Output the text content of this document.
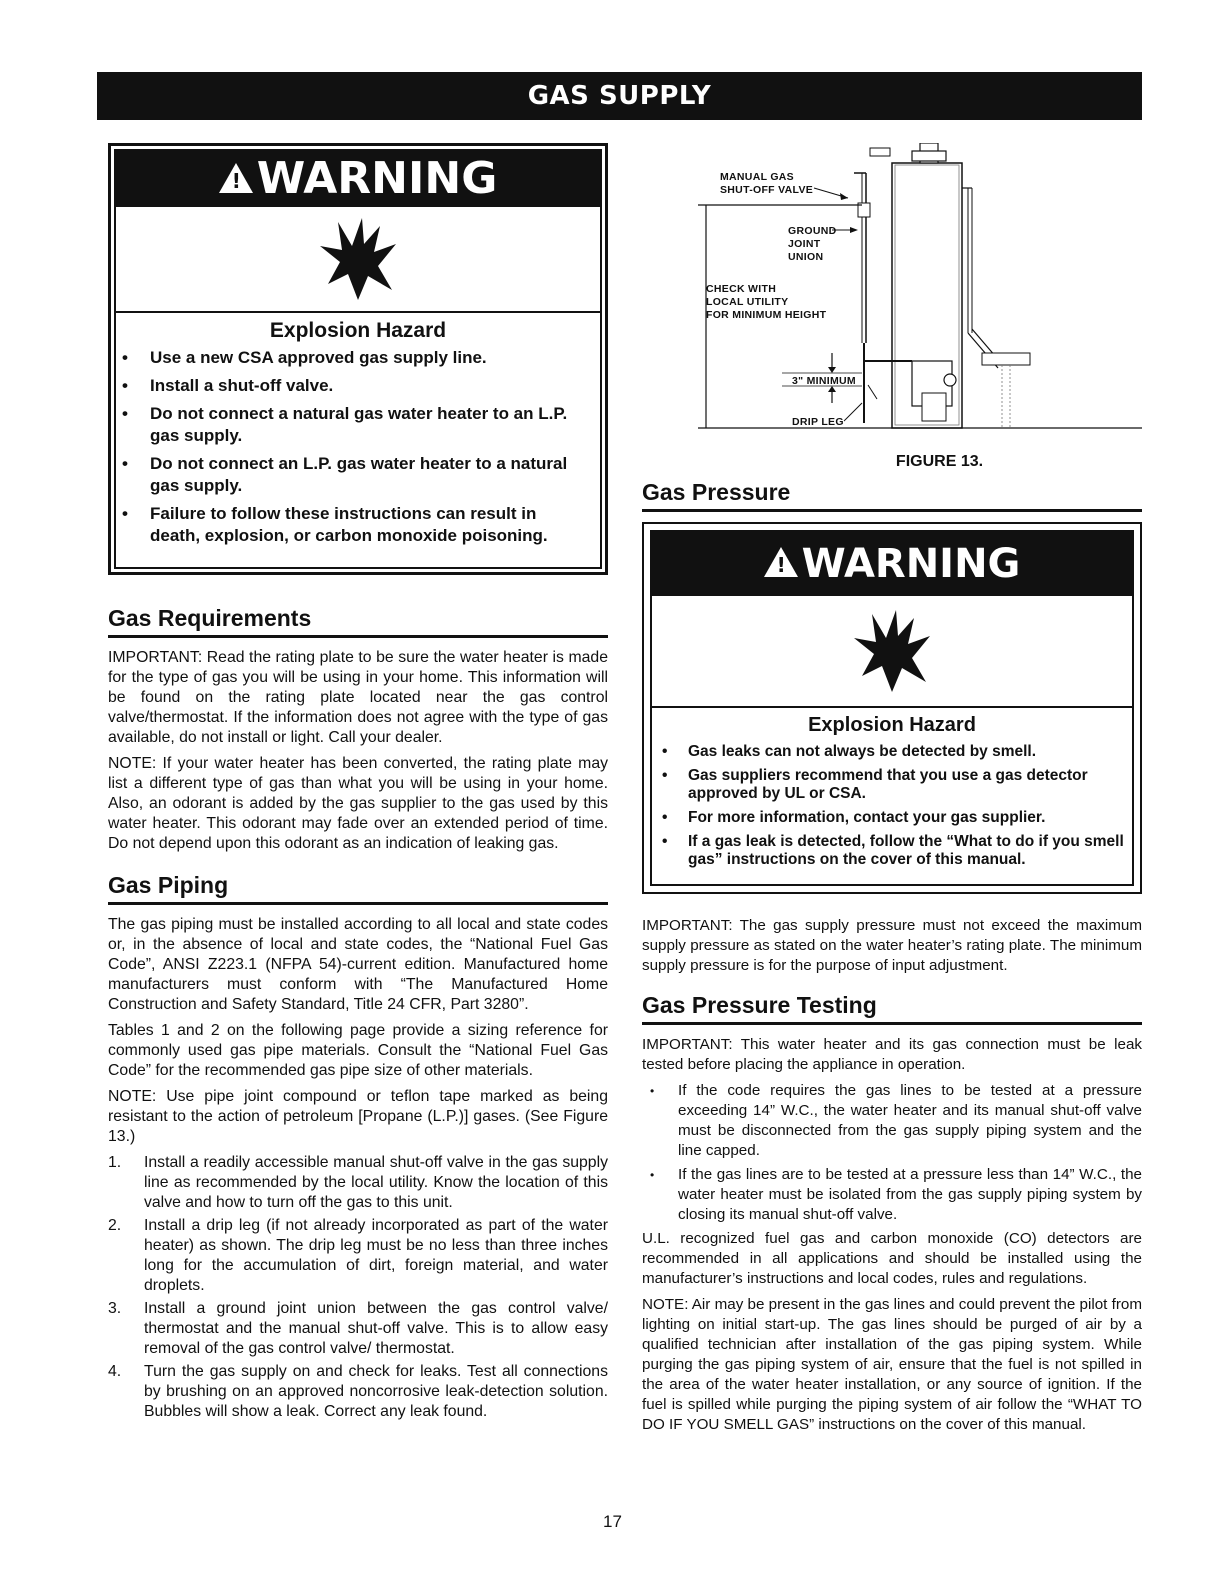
GAS SUPPLY
! WARNING
Explosion Hazard
• Use a new CSA approved gas supply line.
• Install a shut-off valve.
• Do not connect a natural gas water heater to an L.P. gas supply.
• Do not connect an L.P. gas water heater to a natural gas supply.
• Failure to follow these instructions can result in death, explosion, or carbon monoxide poisoning.
Gas Requirements

IMPORTANT: Read the rating plate to be sure the water heater is made for the type of gas you will be using in your home. This information will be found on the rating plate located near the gas control valve/thermostat. If the information does not agree with the type of gas available, do not install or light. Call your dealer.

NOTE: If your water heater has been converted, the rating plate may list a different type of gas than what you will be using in your home. Also, an odorant is added by the gas supplier to the gas used by this water heater. This odorant may fade over an extended period of time. Do not depend upon this odorant as an indication of leaking gas.

Gas Piping

The gas piping must be installed according to all local and state codes or, in the absence of local and state codes, the “National Fuel Gas Code”, ANSI Z223.1 (NFPA 54)-current edition. Manufactured home manufacturers must conform with “The Manufactured Home Construction and Safety Standard, Title 24 CFR, Part 3280”.

Tables 1 and 2 on the following page provide a sizing reference for commonly used gas pipe materials. Consult the “National Fuel Gas Code” for the recommended gas pipe size of other materials.

NOTE: Use pipe joint compound or teflon tape marked as being resistant to the action of petroleum [Propane (L.P.)] gases. (See Figure 13.)

1. Install a readily accessible manual shut-off valve in the gas supply line as recommended by the local utility. Know the location of this valve and how to turn off the gas to this unit.
2. Install a drip leg (if not already incorporated as part of the water heater) as shown. The drip leg must be no less than three inches long for the accumulation of dirt, foreign material, and water droplets.
3. Install a ground joint union between the gas control valve/ thermostat and the manual shut-off valve. This is to allow easy removal of the gas control valve/ thermostat.
4. Turn the gas supply on and check for leaks. Test all connections by brushing on an approved noncorrosive leak-detection solution. Bubbles will show a leak. Correct any leak found.
MANUAL GAS
SHUT-OFF VALVE
GROUND
JOINT
UNION
CHECK WITH
LOCAL UTILITY
FOR MINIMUM HEIGHT
3" MINIMUM
DRIP LEG
FIGURE 13.
Gas Pressure
! WARNING
Explosion Hazard
• Gas leaks can not always be detected by smell.
• Gas suppliers recommend that you use a gas detector approved by UL or CSA.
• For more information, contact your gas supplier.
• If a gas leak is detected, follow the “What to do if you smell gas” instructions on the cover of this manual.

IMPORTANT: The gas supply pressure must not exceed the maximum supply pressure as stated on the water heater’s rating plate. The minimum supply pressure is for the purpose of input adjustment.

Gas Pressure Testing

IMPORTANT: This water heater and its gas connection must be leak tested before placing the appliance in operation.

• If the code requires the gas lines to be tested at a pressure exceeding 14” W.C., the water heater and its manual shut-off valve must be disconnected from the gas supply piping system and the line capped.
• If the gas lines are to be tested at a pressure less than 14” W.C., the water heater must be isolated from the gas supply piping system by closing its manual shut-off valve.

U.L. recognized fuel gas and carbon monoxide (CO) detectors are recommended in all applications and should be installed using the manufacturer’s instructions and local codes, rules and regulations.

NOTE: Air may be present in the gas lines and could prevent the pilot from lighting on initial start-up. The gas lines should be purged of air by a qualified technician after installation of the gas piping system. While purging the gas piping system of air, ensure that the fuel is not spilled in the area of the water heater installation, or any source of ignition. If the fuel is spilled while purging the piping system of air follow the “WHAT TO DO IF YOU SMELL GAS” instructions on the cover of this manual.

17
